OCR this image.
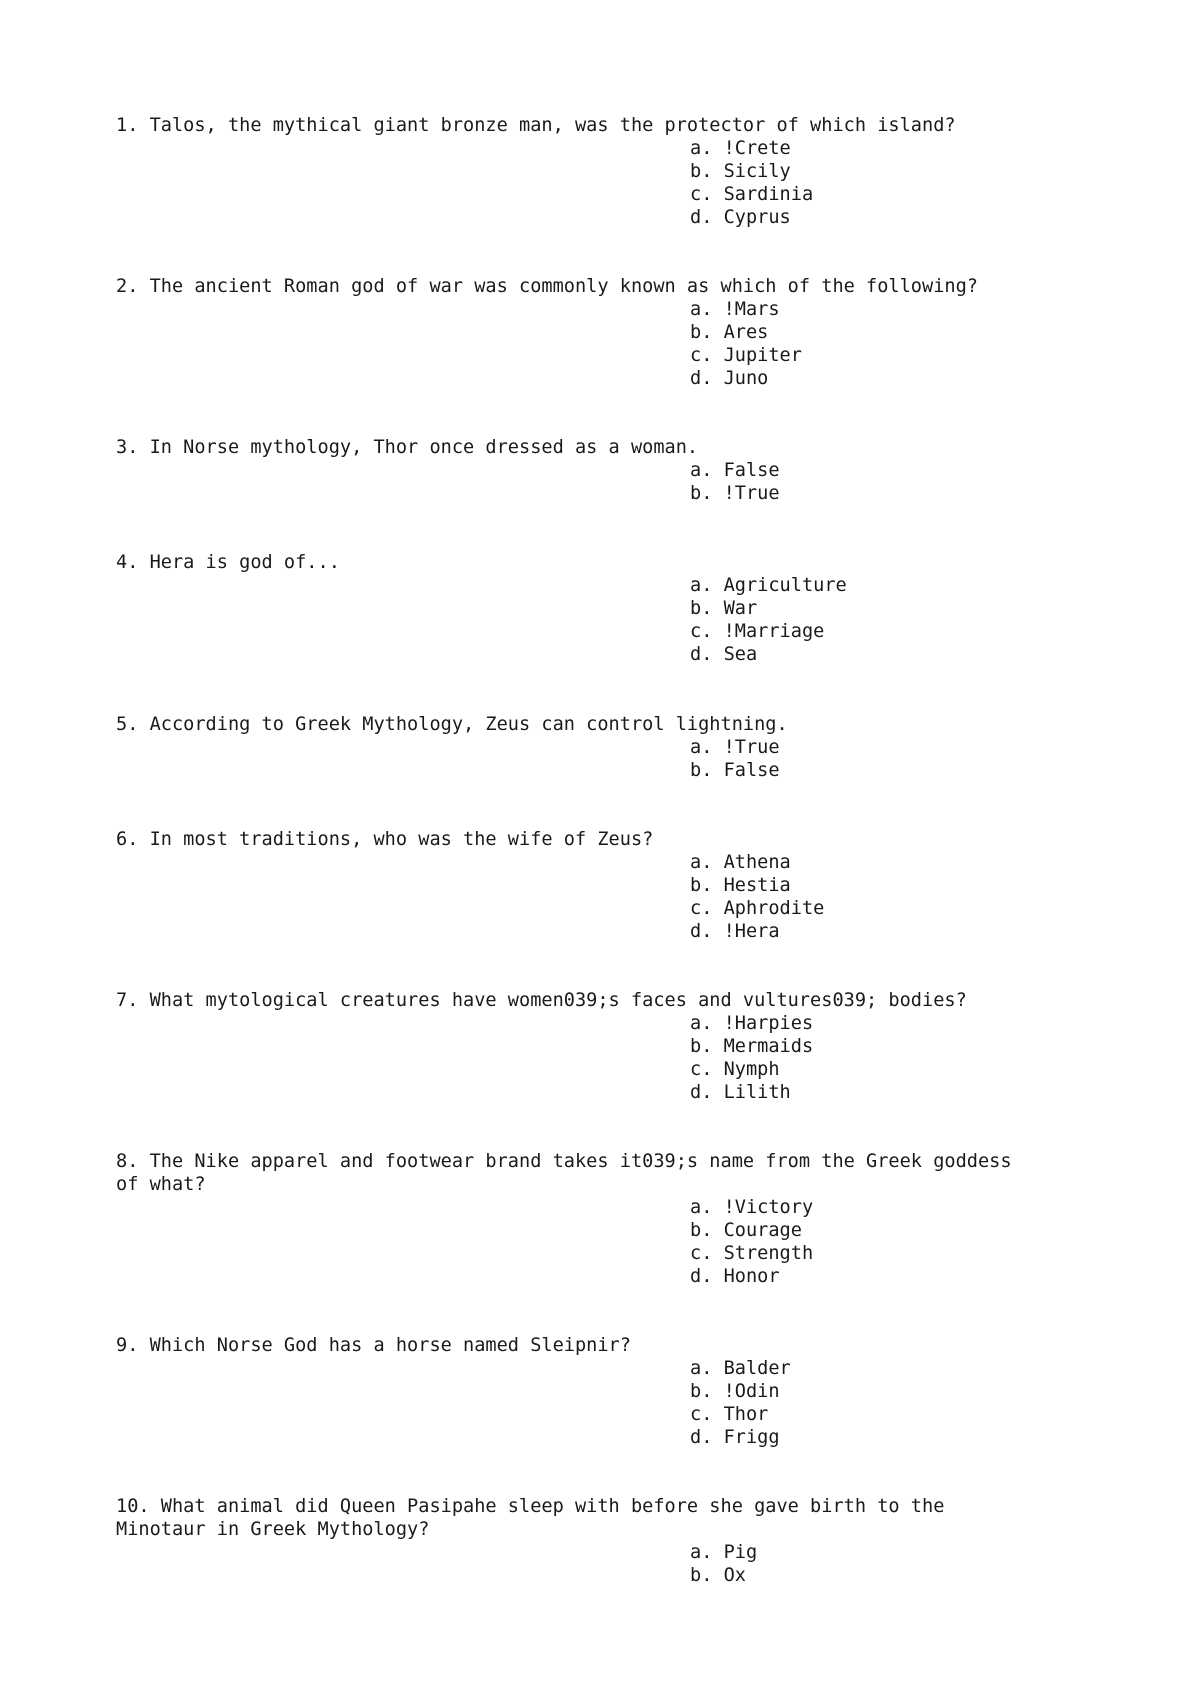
1. Talos, the mythical giant bronze man, was the protector of which island?

a. !Crete
b. Sicily
c. Sardinia
d. Cyprus

2. The ancient Roman god of war was commonly known as which of the following?

a. !Mars
b. Ares
c. Jupiter
d. Juno

3. In Norse mythology, Thor once dressed as a woman.

a. False
b. !True

4. Hera is god of...

a. Agriculture
b. War
c. !Marriage
d. Sea

5. According to Greek Mythology, Zeus can control lightning.

a. !True
b. False

6. In most traditions, who was the wife of Zeus?

a. Athena
b. Hestia
c. Aphrodite
d. !Hera

7. What mytological creatures have women039;s faces and vultures039; bodies?

a. !Harpies
b. Mermaids
c. Nymph
d. Lilith

8. The Nike apparel and footwear brand takes it039;s name from the Greek goddess
of what?

a. !Victory
b. Courage
c. Strength
d. Honor

9. Which Norse God has a horse named Sleipnir?

a. Balder
b. !Odin
c. Thor
d. Frigg

10. What animal did Queen Pasipahe sleep with before she gave birth to the
Minotaur in Greek Mythology?

a. Pig
b. Ox
